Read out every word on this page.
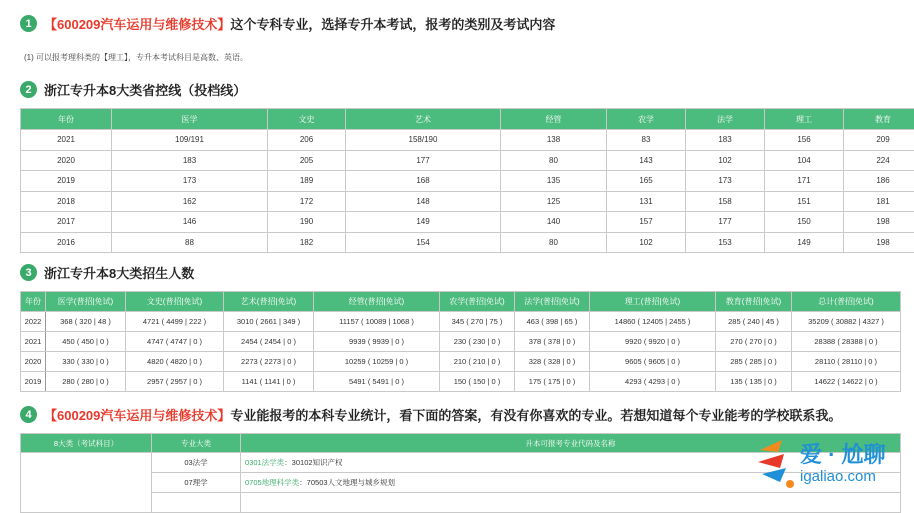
1 【600209汽车运用与维修技术】 这个专科专业，选择专升本考试，报考的类别及考试内容
(1) 可以报考理科类的【理工】，专升本考试科目是高数、英语。
2 浙江专升本8大类省控线（投档线）
年份	医学	文史	艺术	经管	农学	法学	理工	教育
2021	109/191	206	158/190	138	83	183	156	209
2020	183	205	177	80	143	102	104	224
2019	173	189	168	135	165	173	171	186
2018	162	172	148	125	131	158	151	181
2017	146	190	149	140	157	177	150	198
2016	88	182	154	80	102	153	149	198
3 浙江专升本8大类招生人数
年份	医学(普招|免试)	文史(普招|免试)	艺术(普招|免试)	经管(普招|免试)	农学(普招|免试)	法学(普招|免试)	理工(普招|免试)	教育(普招|免试)	总计(普招|免试)
2022	368 ( 320 | 48 )	4721 ( 4499 | 222 )	3010 ( 2661 | 349 )	11157 ( 10089 | 1068 )	345 ( 270 | 75 )	463 ( 398 | 65 )	14860 ( 12405 | 2455 )	285 ( 240 | 45 )	35209 ( 30882 | 4327 )
2021	450 ( 450 | 0 )	4747 ( 4747 | 0 )	2454 ( 2454 | 0 )	9939 ( 9939 | 0 )	230 ( 230 | 0 )	378 ( 378 | 0 )	9920 ( 9920 | 0 )	270 ( 270 | 0 )	28388 ( 28388 | 0 )
2020	330 ( 330 | 0 )	4820 ( 4820 | 0 )	2273 ( 2273 | 0 )	10259 ( 10259 | 0 )	210 ( 210 | 0 )	328 ( 328 | 0 )	9605 ( 9605 | 0 )	285 ( 285 | 0 )	28110 ( 28110 | 0 )
2019	280 ( 280 | 0 )	2957 ( 2957 | 0 )	1141 ( 1141 | 0 )	5491 ( 5491 | 0 )	150 ( 150 | 0 )	175 ( 175 | 0 )	4293 ( 4293 | 0 )	135 ( 135 | 0 )	14622 ( 14622 | 0 )
4 【600209汽车运用与维修技术】 专业能报考的本科专业统计，看下面的答案，有没有你喜欢的专业。若想知道每个专业能考的学校联系我。
8大类（考试科目）	专业大类	升本可报考专业代码及名称
	03法学	0301法学类：30102知识产权
	07理学	0705地理科学类：70503人文地理与城乡规划

爱 · 尬聊
igaliao.com
